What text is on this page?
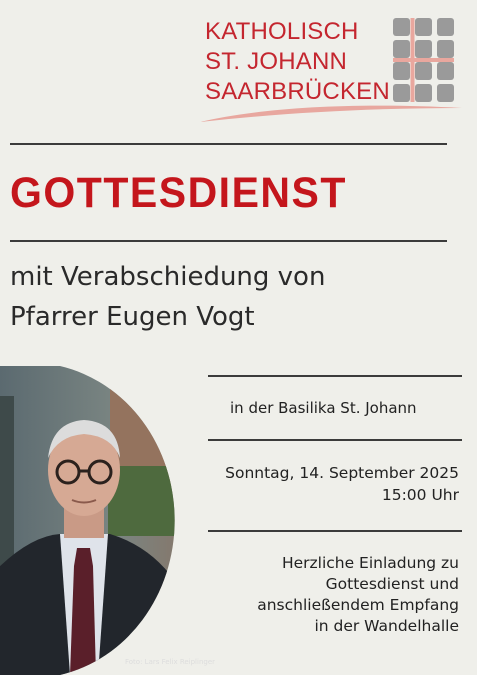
KATHOLISCH
ST. JOHANN
SAARBRÜCKEN
GOTTESDIENST
mit Verabschiedung von
Pfarrer Eugen Vogt
Foto: Lars Felix Reiplinger
in der Basilika St. Johann
Sonntag, 14. September 2025
15:00 Uhr
Herzliche Einladung zu
Gottesdienst und
anschließendem Empfang
in der Wandelhalle
